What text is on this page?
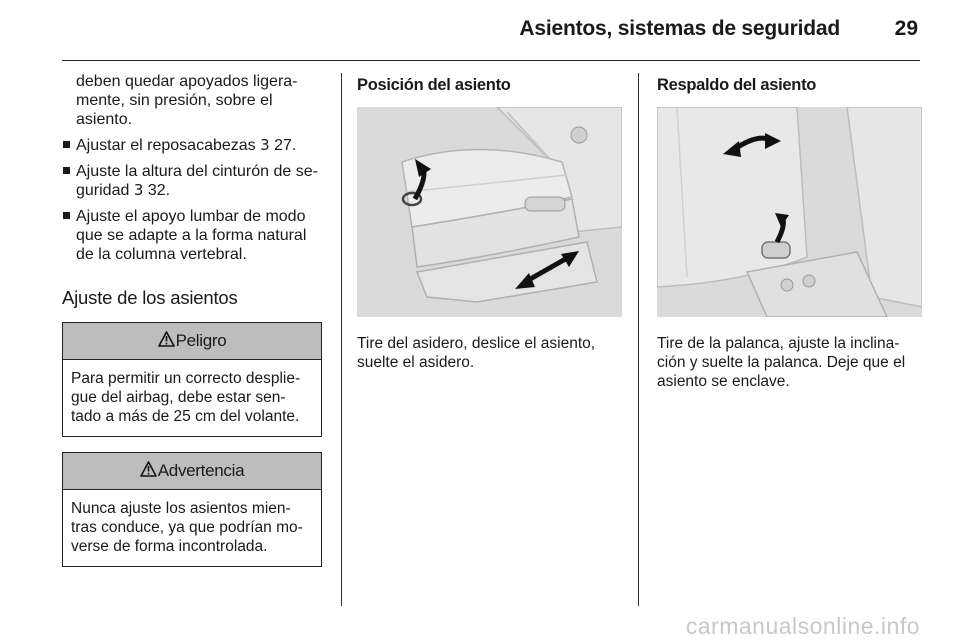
Asientos, sistemas de seguridad	29

deben quedar apoyados ligera-mente, sin presión, sobre el asiento.

Ajustar el reposacabezas 3 27.

Ajuste la altura del cinturón de se-guridad 3 32.

Ajuste el apoyo lumbar de modo que se adapte a la forma natural de la columna vertebral.

Ajuste de los asientos
Peligro
Para permitir un correcto desplie-gue del airbag, debe estar sen-tado a más de 25 cm del volante.
Advertencia
Nunca ajuste los asientos mien-tras conduce, ya que podrían mo-verse de forma incontrolada.
Posición del asiento

Tire del asidero, deslice el asiento, suelte el asidero.

Respaldo del asiento

Tire de la palanca, ajuste la inclina-ción y suelte la palanca. Deje que el asiento se enclave.

carmanualsonline.info
